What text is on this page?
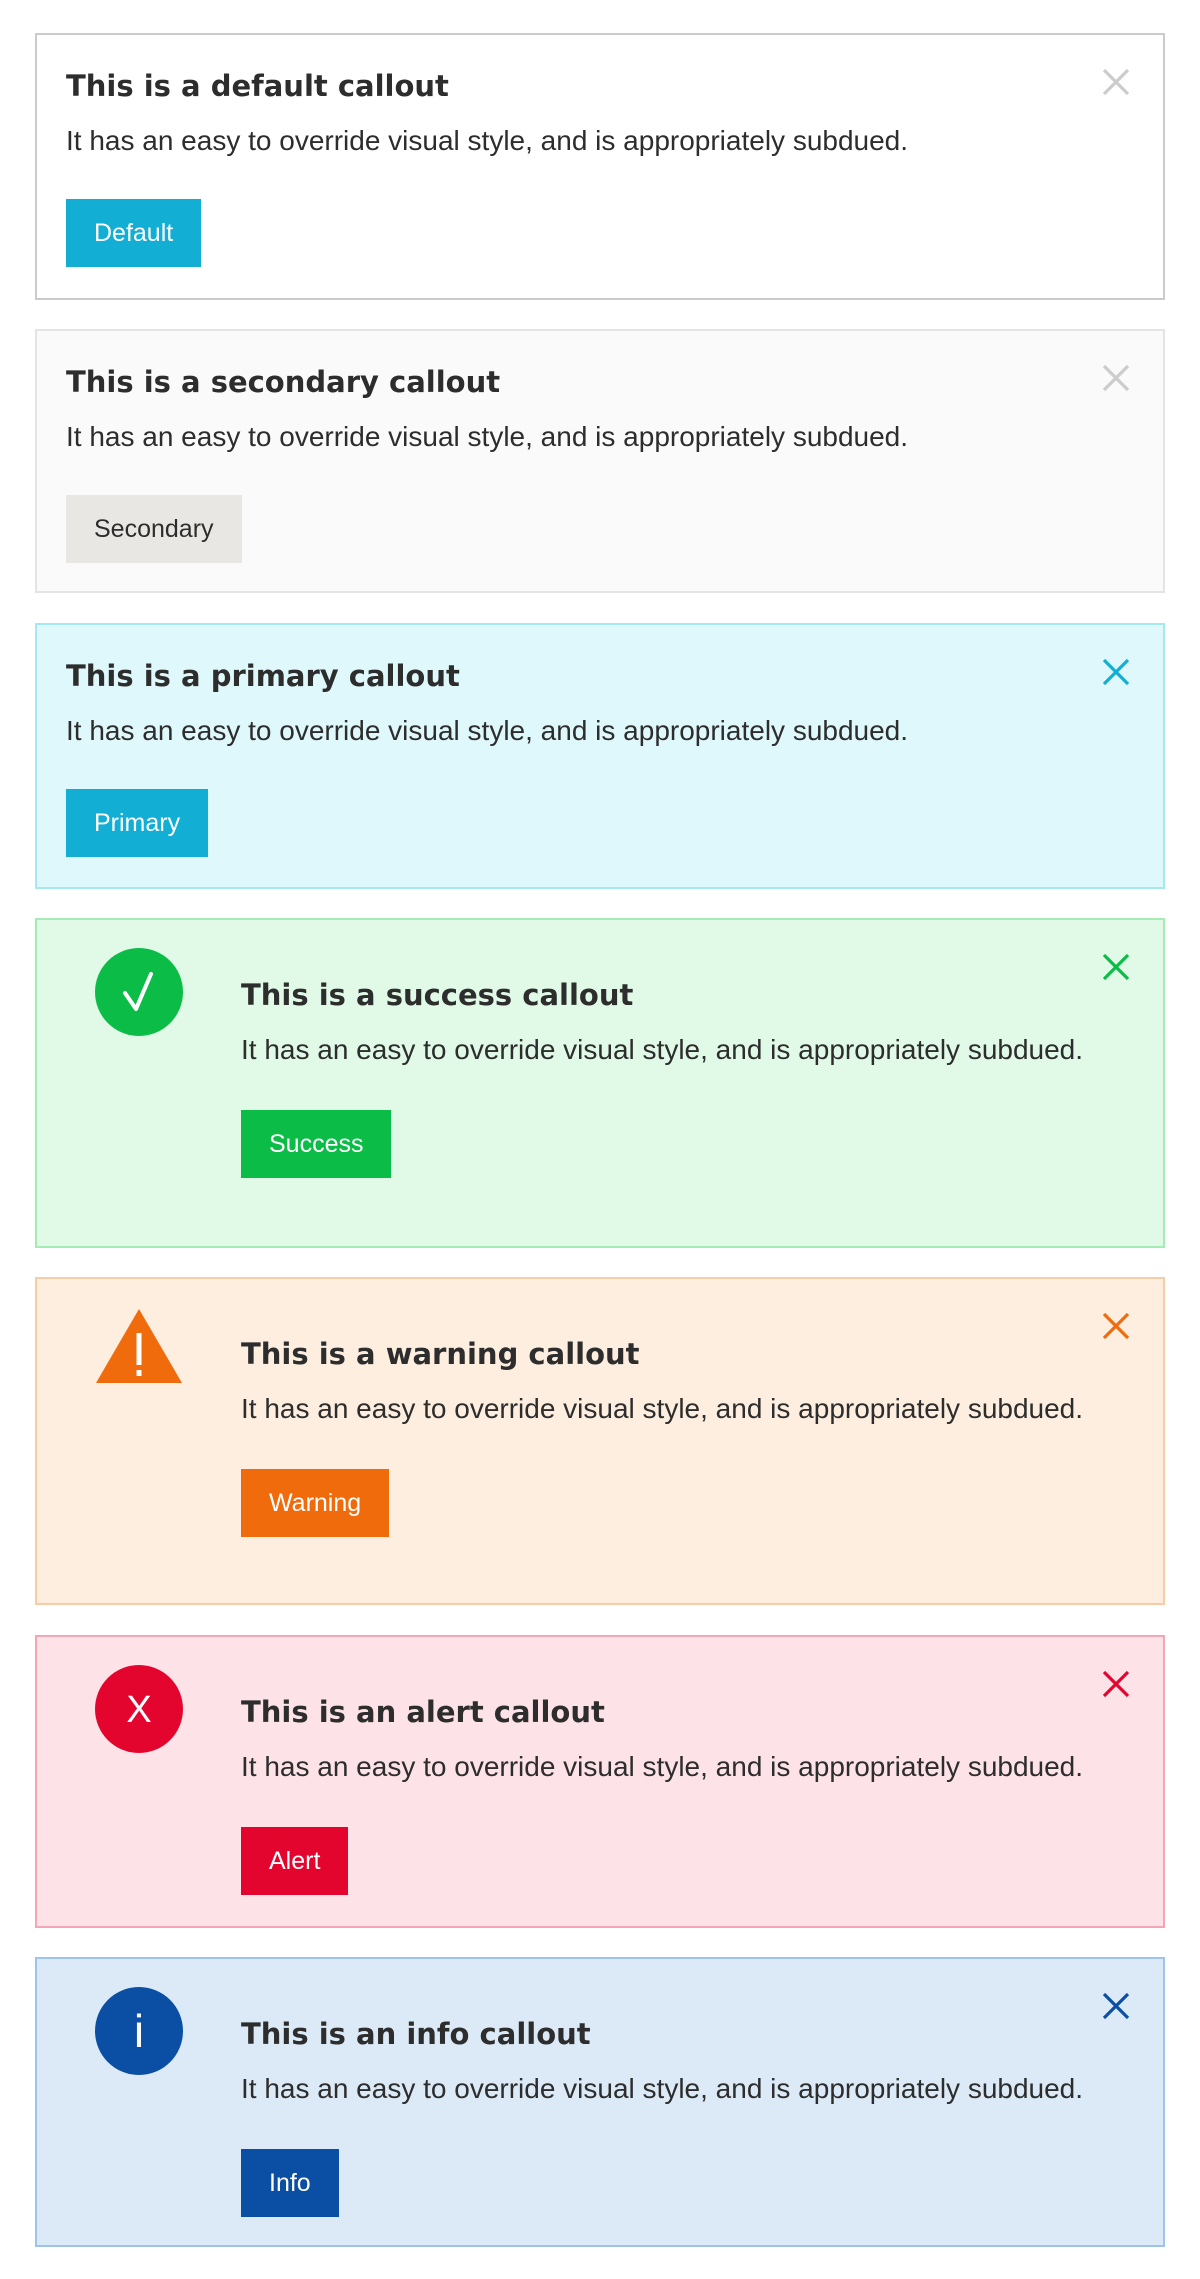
This is a default callout
It has an easy to override visual style, and is appropriately subdued.
Default
This is a secondary callout
It has an easy to override visual style, and is appropriately subdued.
Secondary
This is a primary callout
It has an easy to override visual style, and is appropriately subdued.
Primary
This is a success callout
It has an easy to override visual style, and is appropriately subdued.
Success
This is a warning callout
It has an easy to override visual style, and is appropriately subdued.
Warning
X	This is an alert callout
It has an easy to override visual style, and is appropriately subdued.
Alert
i	This is an info callout
It has an easy to override visual style, and is appropriately subdued.
Info
